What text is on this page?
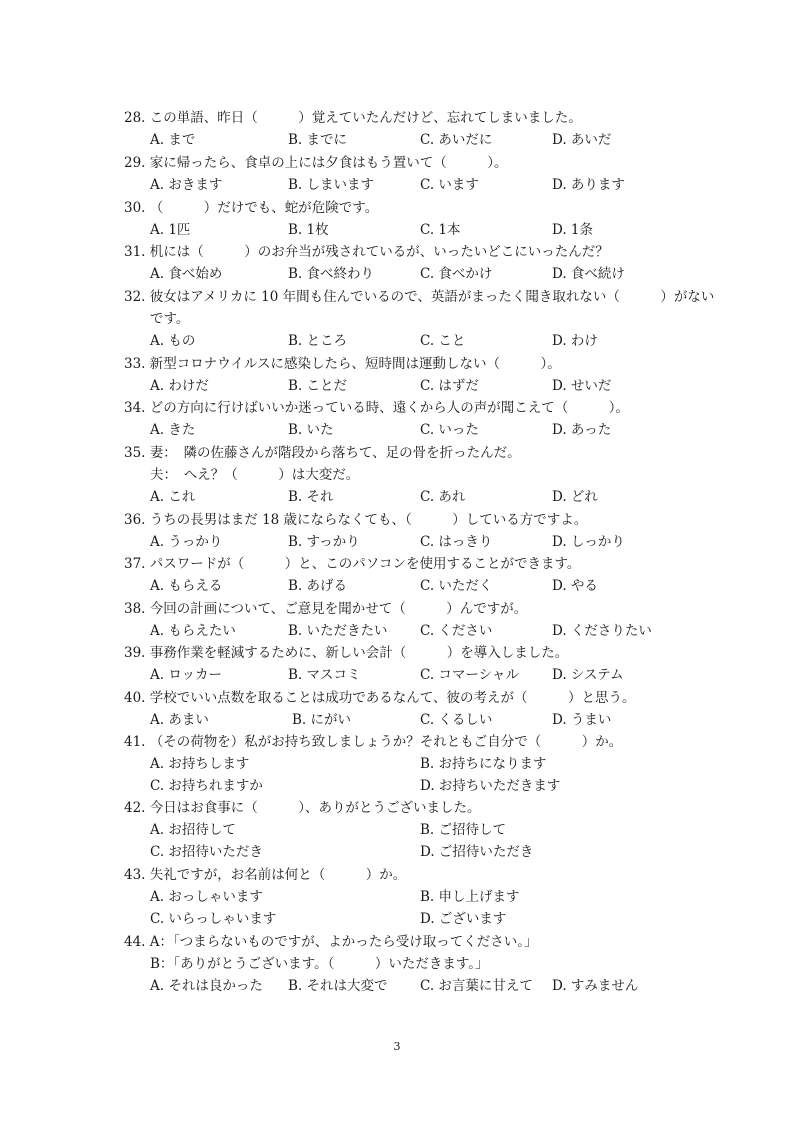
28. この単語、昨日（　　　）覚えていたんだけど、忘れてしまいました。
A. まで	B. までに	C. あいだに	D. あいだ
29. 家に帰ったら、食卓の上には夕食はもう置いて（　　　）。
A. おきます	B. しまいます	C. います	D. あります
30. （　　　）だけでも、蛇が危険です。
A. 1匹	B. 1枚	C. 1本	D. 1条
31. 机には（　　　）のお弁当が残されているが、いったいどこにいったんだ？
A. 食べ始め	B. 食べ終わり	C. 食べかけ	D. 食べ続け
32. 彼女はアメリカに 10 年間も住んでいるので、英語がまったく聞き取れない（　　　）がない
です。
A. もの	B. ところ	C. こと	D. わけ
33. 新型コロナウイルスに感染したら、短時間は運動しない（　　　）。
A. わけだ	B. ことだ	C. はずだ	D. せいだ
34. どの方向に行けばいいか迷っている時、遠くから人の声が聞こえて（　　　）。
A. きた	B. いた	C. いった	D. あった
35. 妻：　隣の佐藤さんが階段から落ちて、足の骨を折ったんだ。
夫：　へえ？（　　　）は大変だ。
A. これ	B. それ	C. あれ	D. どれ
36. うちの長男はまだ 18 歳にならなくても、（　　　）している方ですよ。
A. うっかり	B. すっかり	C. はっきり	D. しっかり
37. パスワードが（　　　）と、このパソコンを使用することができます。
A. もらえる	B. あげる	C. いただく	D. やる
38. 今回の計画について、ご意見を聞かせて（　　　）んですが。
A. もらえたい	B. いただきたい C. ください	D. くださりたい
39. 事務作業を軽減するために、新しい会計（　　　）を導入しました。
A. ロッカー	B. マスコミ	C. コマーシャル D. システム
40. 学校でいい点数を取ることは成功であるなんて、彼の考えが（　　　）と思う。
A. あまい	B. にがい	C. くるしい	D. うまい
41. （その荷物を）私がお持ち致しましょうか？それともご自分で（　　　）か。
A. お持ちします	B. お持ちになります
C. お持ちれますか	D. お持ちいただきます
42. 今日はお食事に（　　　）、ありがとうございました。
A. お招待して	B. ご招待して
C. お招待いただき	D. ご招待いただき
43. 失礼ですが，お名前は何と（　　　）か。
A. おっしゃいます	B. 申し上げます
C. いらっしゃいます	D. ございます
44. A：「つまらないものですが、よかったら受け取ってください。」
B：「ありがとうございます。（　　　）いただきます。」
A. それは良かった B. それは大変で C. お言葉に甘えて D. すみません
3
